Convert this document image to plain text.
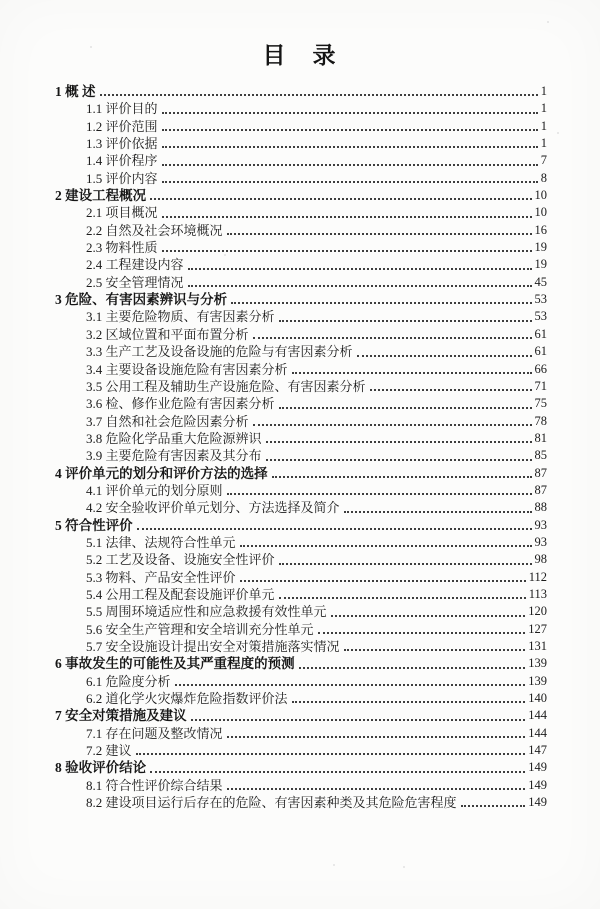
目　录
1 概 述	1
1.1 评价目的	1
1.2 评价范围	1
1.3 评价依据	1
1.4 评价程序	7
1.5 评价内容	8
2 建设工程概况	10
2.1 项目概况	10
2.2 自然及社会环境概况	16
2.3 物料性质	19
2.4 工程建设内容	19
2.5 安全管理情况	45
3 危险、有害因素辨识与分析	53
3.1 主要危险物质、有害因素分析	53
3.2 区域位置和平面布置分析	61
3.3 生产工艺及设备设施的危险与有害因素分析	61
3.4 主要设备设施危险有害因素分析	66
3.5 公用工程及辅助生产设施危险、有害因素分析	71
3.6 检、修作业危险有害因素分析	75
3.7 自然和社会危险因素分析	78
3.8 危险化学品重大危险源辨识	81
3.9 主要危险有害因素及其分布	85
4 评价单元的划分和评价方法的选择	87
4.1 评价单元的划分原则	87
4.2 安全验收评价单元划分、方法选择及简介	88
5 符合性评价	93
5.1 法律、法规符合性单元	93
5.2 工艺及设备、设施安全性评价	98
5.3 物料、产品安全性评价	112
5.4 公用工程及配套设施评价单元	113
5.5 周围环境适应性和应急救援有效性单元	120
5.6 安全生产管理和安全培训充分性单元	127
5.7 安全设施设计提出安全对策措施落实情况	131
6 事故发生的可能性及其严重程度的预测	139
6.1 危险度分析	139
6.2 道化学火灾爆炸危险指数评价法	140
7 安全对策措施及建议	144
7.1 存在问题及整改情况	144
7.2 建议	147
8 验收评价结论	149
8.1 符合性评价综合结果	149
8.2 建设项目运行后存在的危险、有害因素种类及其危险危害程度	149
